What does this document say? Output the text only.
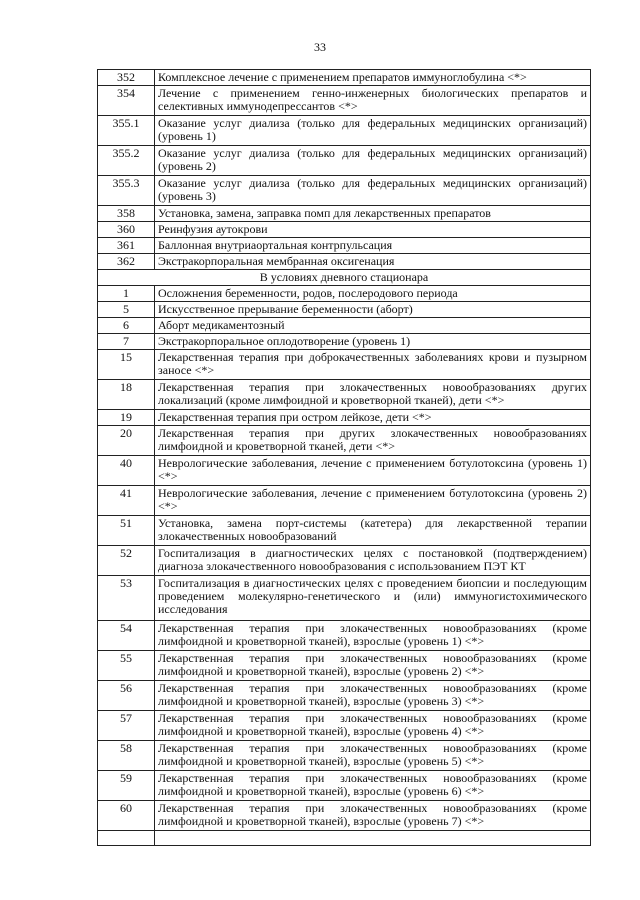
33
352	Комплексное лечение с применением препаратов иммуноглобулина <*>
354	Лечение с применением генно-инженерных биологических препаратов и селективных иммунодепрессантов <*>
355.1	Оказание услуг диализа (только для федеральных медицинских организаций) (уровень 1)
355.2	Оказание услуг диализа (только для федеральных медицинских организаций) (уровень 2)
355.3	Оказание услуг диализа (только для федеральных медицинских организаций) (уровень 3)
358	Установка, замена, заправка помп для лекарственных препаратов
360	Реинфузия аутокрови
361	Баллонная внутриаортальная контрпульсация
362	Экстракорпоральная мембранная оксигенация
В условиях дневного стационара	
1	Осложнения беременности, родов, послеродового периода
5	Искусственное прерывание беременности (аборт)
6	Аборт медикаментозный
7	Экстракорпоральное оплодотворение (уровень 1)
15	Лекарственная терапия при доброкачественных заболеваниях крови и пузырном заносе <*>
18	Лекарственная терапия при злокачественных новообразованиях других локализаций (кроме лимфоидной и кроветворной тканей), дети <*>
19	Лекарственная терапия при остром лейкозе, дети <*>
20	Лекарственная терапия при других злокачественных новообразованиях лимфоидной и кроветворной тканей, дети <*>
40	Неврологические заболевания, лечение с применением ботулотоксина (уровень 1) <*>
41	Неврологические заболевания, лечение с применением ботулотоксина (уровень 2) <*>
51	Установка, замена порт-системы (катетера) для лекарственной терапии злокачественных новообразований
52	Госпитализация в диагностических целях с постановкой (подтверждением) диагноза злокачественного новообразования с использованием ПЭТ КТ
53	Госпитализация в диагностических целях с проведением биопсии и последующим проведением молекулярно-генетического и (или) иммуногистохимического исследования
54	Лекарственная терапия при злокачественных новообразованиях (кроме лимфоидной и кроветворной тканей), взрослые (уровень 1) <*>
55	Лекарственная терапия при злокачественных новообразованиях (кроме лимфоидной и кроветворной тканей), взрослые (уровень 2) <*>
56	Лекарственная терапия при злокачественных новообразованиях (кроме лимфоидной и кроветворной тканей), взрослые (уровень 3) <*>
57	Лекарственная терапия при злокачественных новообразованиях (кроме лимфоидной и кроветворной тканей), взрослые (уровень 4) <*>
58	Лекарственная терапия при злокачественных новообразованиях (кроме лимфоидной и кроветворной тканей), взрослые (уровень 5) <*>
59	Лекарственная терапия при злокачественных новообразованиях (кроме лимфоидной и кроветворной тканей), взрослые (уровень 6) <*>
60	Лекарственная терапия при злокачественных новообразованиях (кроме лимфоидной и кроветворной тканей), взрослые (уровень 7) <*>
